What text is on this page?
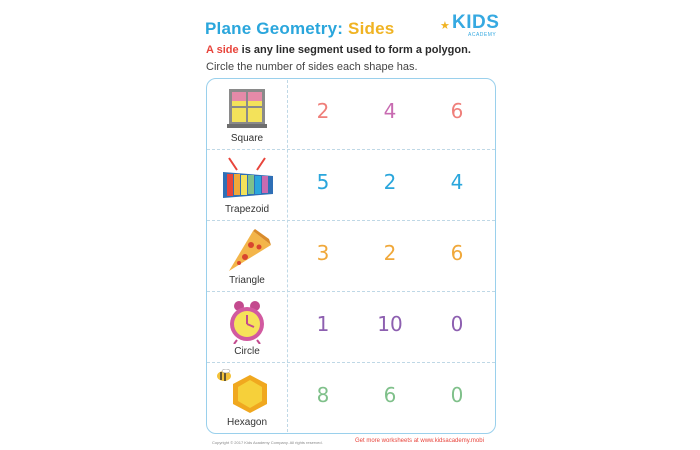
Plane Geometry: Sides	★ KIDS
ACADEMY
A side is any line segment used to form a polygon.
Circle the number of sides each shape has.
Square
2	4	6
Trapezoid
5	2	4
Triangle
3	2	6
Circle
1	10	0
Hexagon
8	6	0
Copyright © 2017 Kids Academy Company. All rights reserved.	Get more worksheets at www.kidsacademy.mobi
